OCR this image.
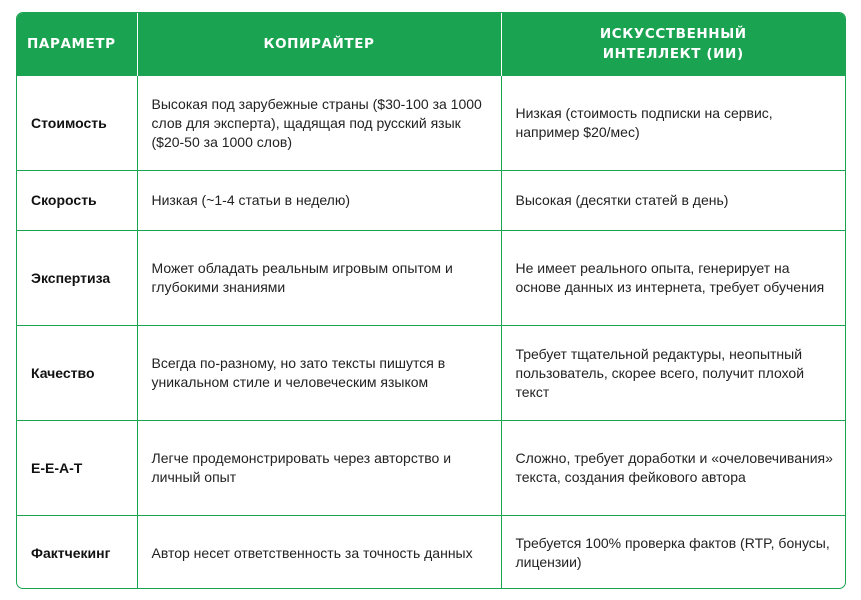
ПАРАМЕТР	КОПИРАЙТЕР	ИСКУССТВЕННЫЙ ИНТЕЛЛЕКТ (ИИ)
Стоимость	Высокая под зарубежные страны ($30-100 за 1000 слов для эксперта), щадящая под русский язык ($20-50 за 1000 слов)	Низкая (стоимость подписки на сервис, например $20/мес)
Скорость	Низкая (~1-4 статьи в неделю)	Высокая (десятки статей в день)
Экспертиза	Может обладать реальным игровым опытом и глубокими знаниями	Не имеет реального опыта, генерирует на основе данных из интернета, требует обучения
Качество	Всегда по-разному, но зато тексты пишутся в уникальном стиле и человеческим языком	Требует тщательной редактуры, неопытный пользователь, скорее всего, получит плохой текст
E-E-A-T	Легче продемонстрировать через авторство и личный опыт	Сложно, требует доработки и «очеловечивания» текста, создания фейкового автора
Фактчекинг	Автор несет ответственность за точность данных	Требуется 100% проверка фактов (RTP, бонусы, лицензии)
